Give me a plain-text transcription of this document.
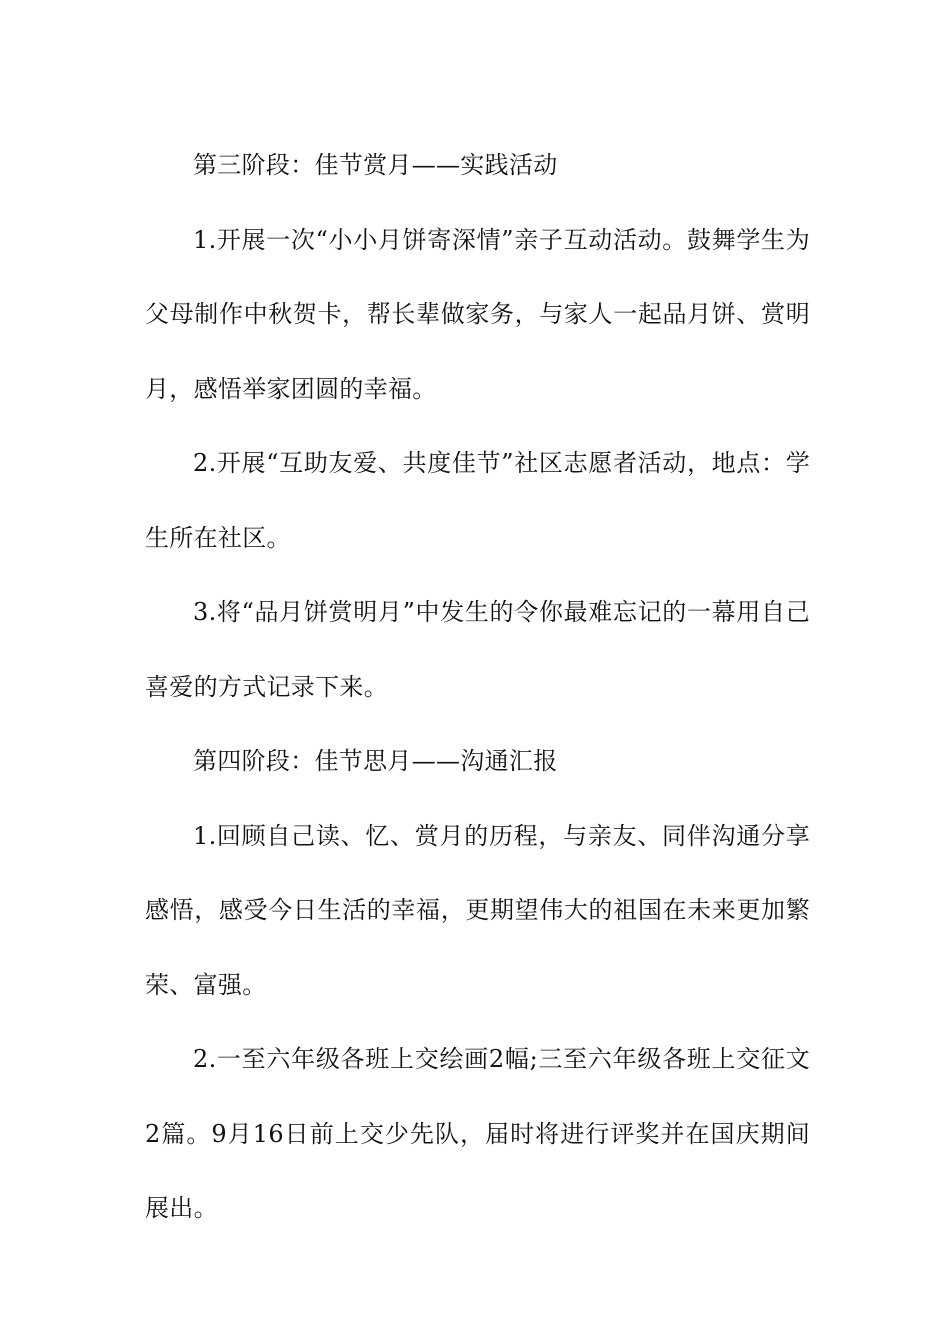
第三阶段：佳节赏月——实践活动

1.开展一次“小小月饼寄深情”亲子互动活动。鼓舞学生为父母制作中秋贺卡，帮长辈做家务，与家人一起品月饼、赏明月，感悟举家团圆的幸福。

2.开展“互助友爱、共度佳节”社区志愿者活动，地点：学生所在社区。

3.将“品月饼赏明月”中发生的令你最难忘记的一幕用自己喜爱的方式记录下来。

第四阶段：佳节思月——沟通汇报

1.回顾自己读、忆、赏月的历程，与亲友、同伴沟通分享感悟，感受今日生活的幸福，更期望伟大的祖国在未来更加繁荣、富强。

2.一至六年级各班上交绘画2幅;三至六年级各班上交征文2篇。9月16日前上交少先队，届时将进行评奖并在国庆期间展出。
